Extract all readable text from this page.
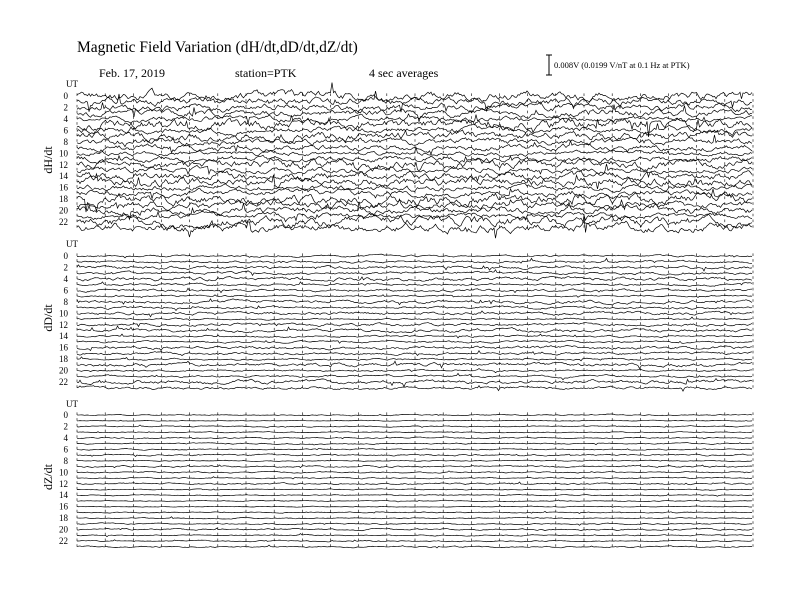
Magnetic Field Variation (dH/dt,dD/dt,dZ/dt)
Feb. 17, 2019	station=PTK	4 sec averages
0.008V (0.0199 V/nT at 0.1 Hz at PTK)
UT
dH/dt
0
2
4
6
8
10
12
14
16
18
20
22
UT
dD/dt
0
2
4
6
8
10
12
14
16
18
20
22
UT
dZ/dt
0
2
4
6
8
10
12
14
16
18
20
22
